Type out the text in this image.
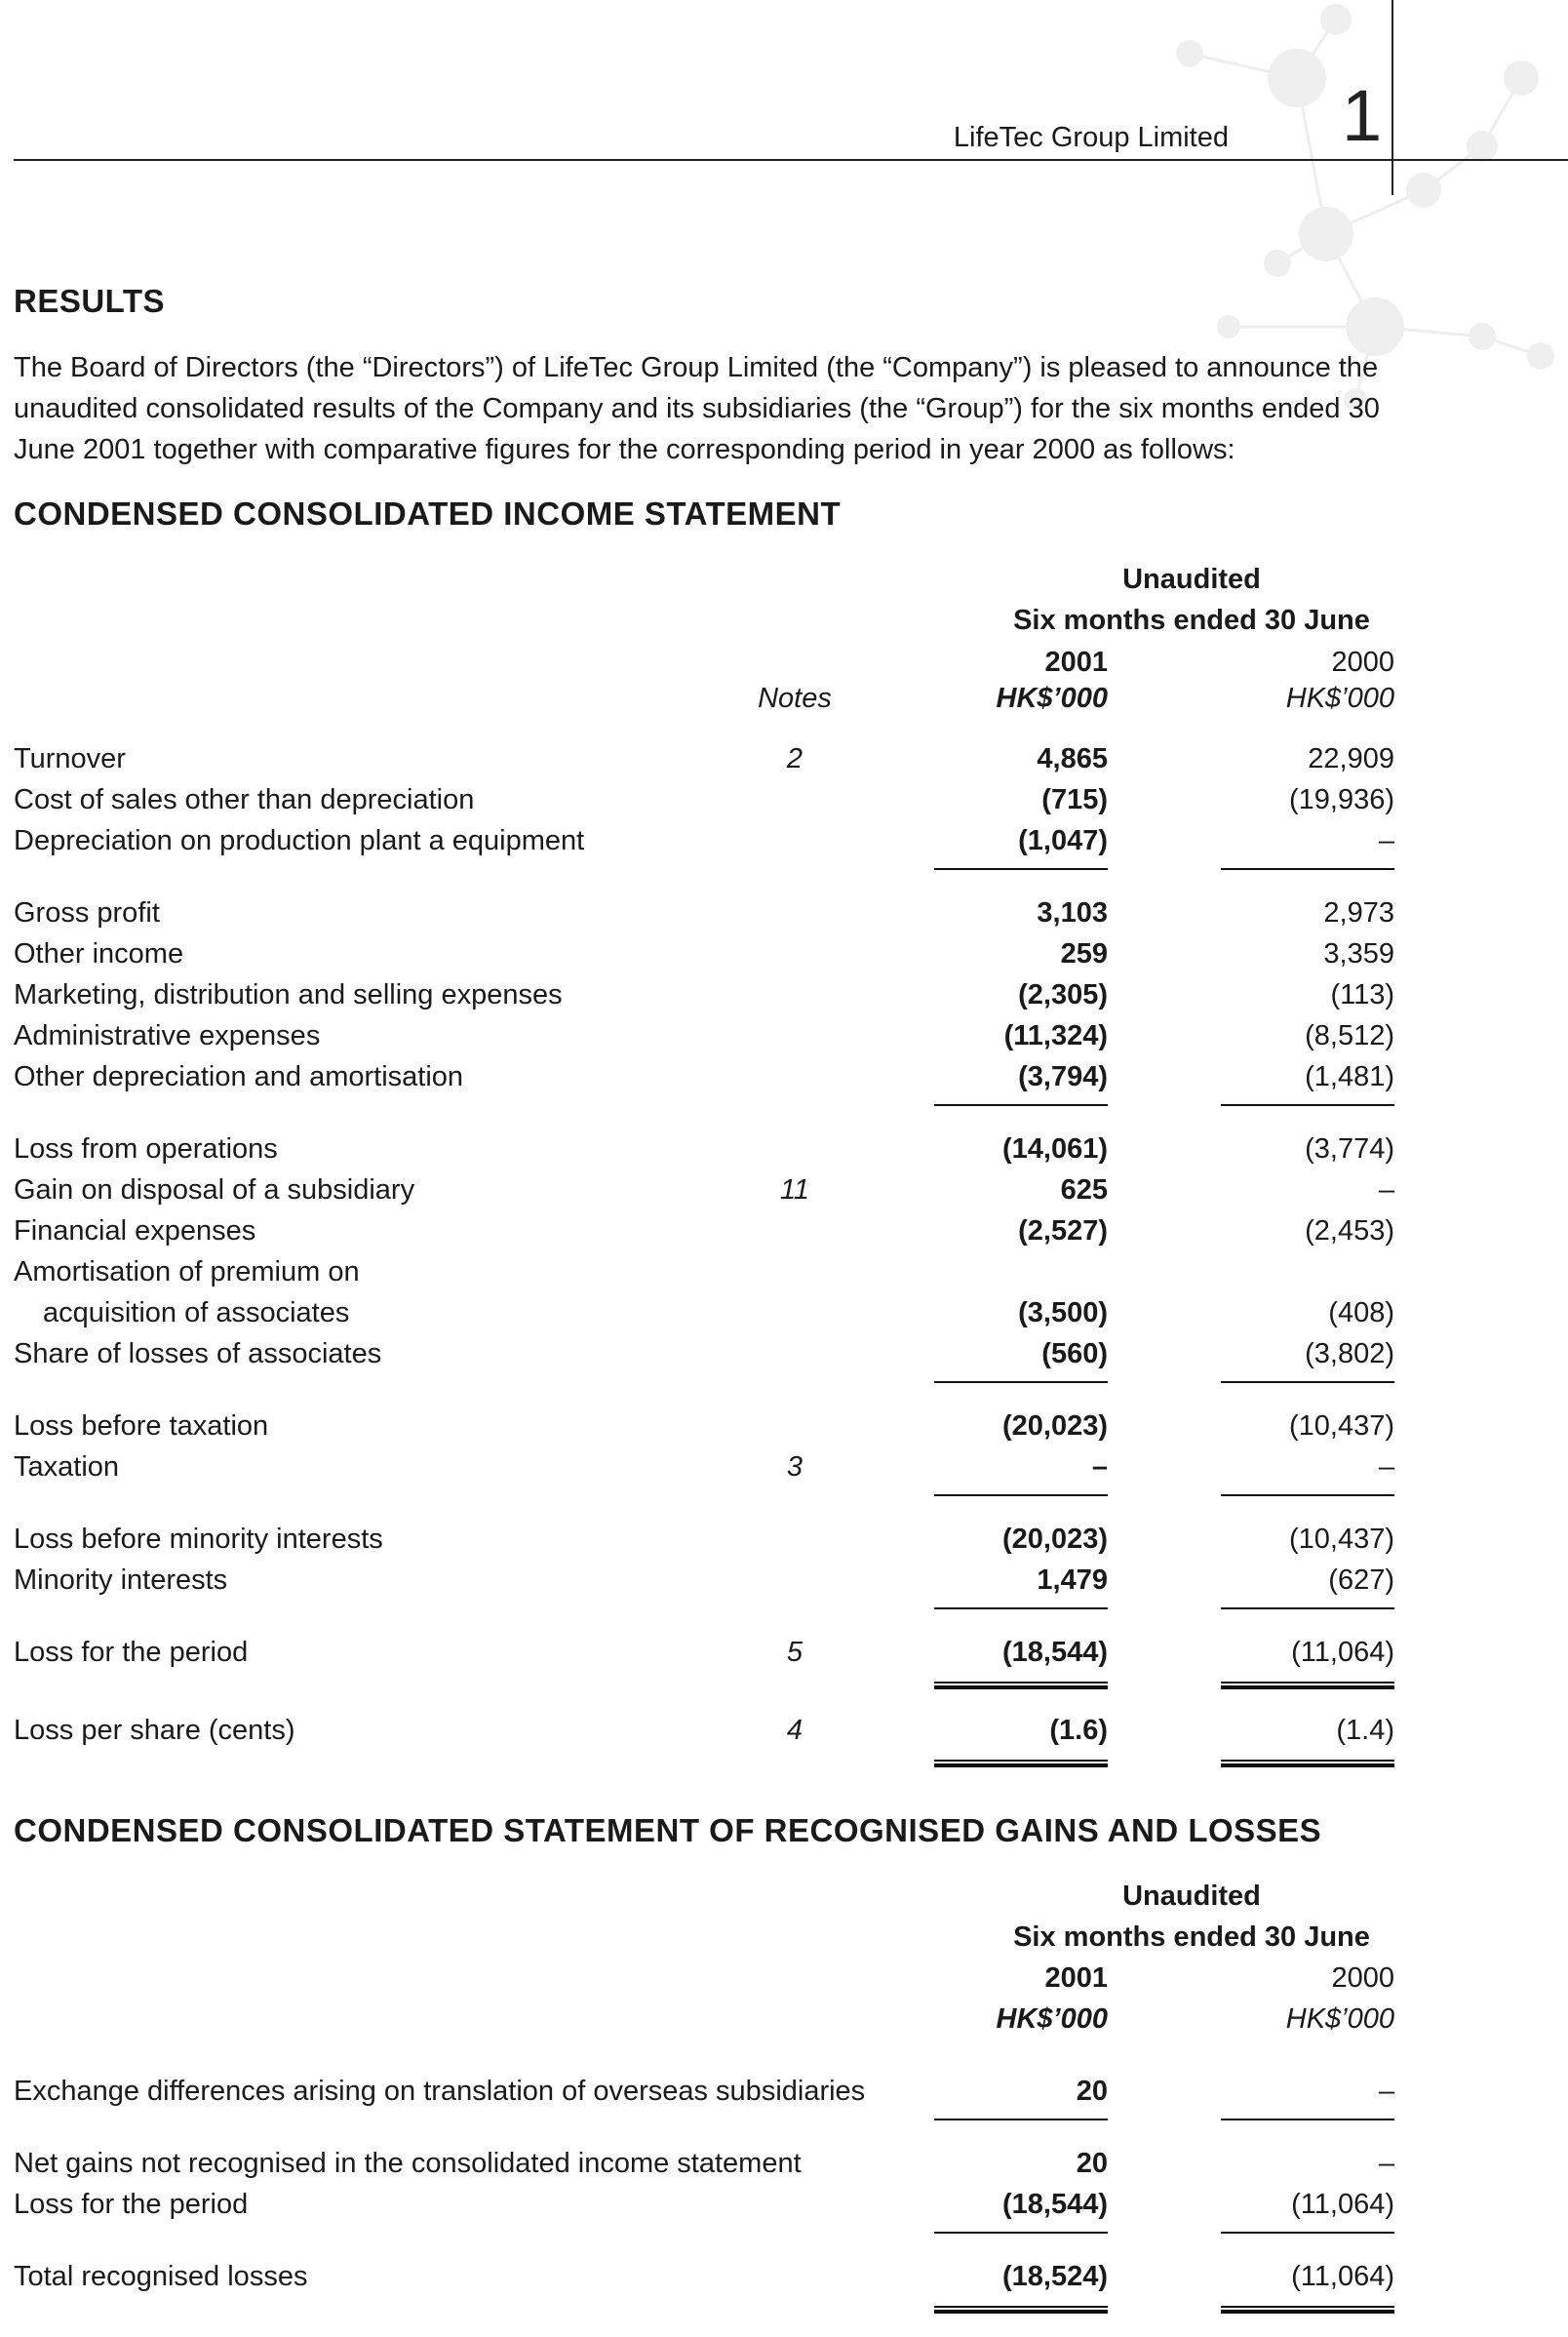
LifeTec Group Limited 1
RESULTS
The Board of Directors (the “Directors”) of LifeTec Group Limited (the “Company”) is pleased to announce the
unaudited consolidated results of the Company and its subsidiaries (the “Group”) for the six months ended 30
June 2001 together with comparative figures for the corresponding period in year 2000 as follows:
CONDENSED CONSOLIDATED INCOME STATEMENT
Unaudited
Six months ended 30 June
2001	2000
Notes	HK$’000	HK$’000
Turnover	2	4,865	22,909
Cost of sales other than depreciation	(715)	(19,936)
Depreciation on production plant a equipment	(1,047)	–
Gross profit	3,103	2,973
Other income	259	3,359
Marketing, distribution and selling expenses	(2,305)	(113)
Administrative expenses	(11,324)	(8,512)
Other depreciation and amortisation	(3,794)	(1,481)
Loss from operations	(14,061)	(3,774)
Gain on disposal of a subsidiary	11	625	–
Financial expenses	(2,527)	(2,453)
Amortisation of premium on
acquisition of associates	(3,500)	(408)
Share of losses of associates	(560)	(3,802)
Loss before taxation	(20,023)	(10,437)
Taxation	3	–	–
Loss before minority interests	(20,023)	(10,437)
Minority interests	1,479	(627)
Loss for the period	5	(18,544)	(11,064)
Loss per share (cents)	4	(1.6)	(1.4)
CONDENSED CONSOLIDATED STATEMENT OF RECOGNISED GAINS AND LOSSES
Unaudited
Six months ended 30 June
2001	2000
HK$’000	HK$’000
Exchange differences arising on translation of overseas subsidiaries	20	–
Net gains not recognised in the consolidated income statement	20	–
Loss for the period	(18,544)	(11,064)
Total recognised losses	(18,524)	(11,064)
